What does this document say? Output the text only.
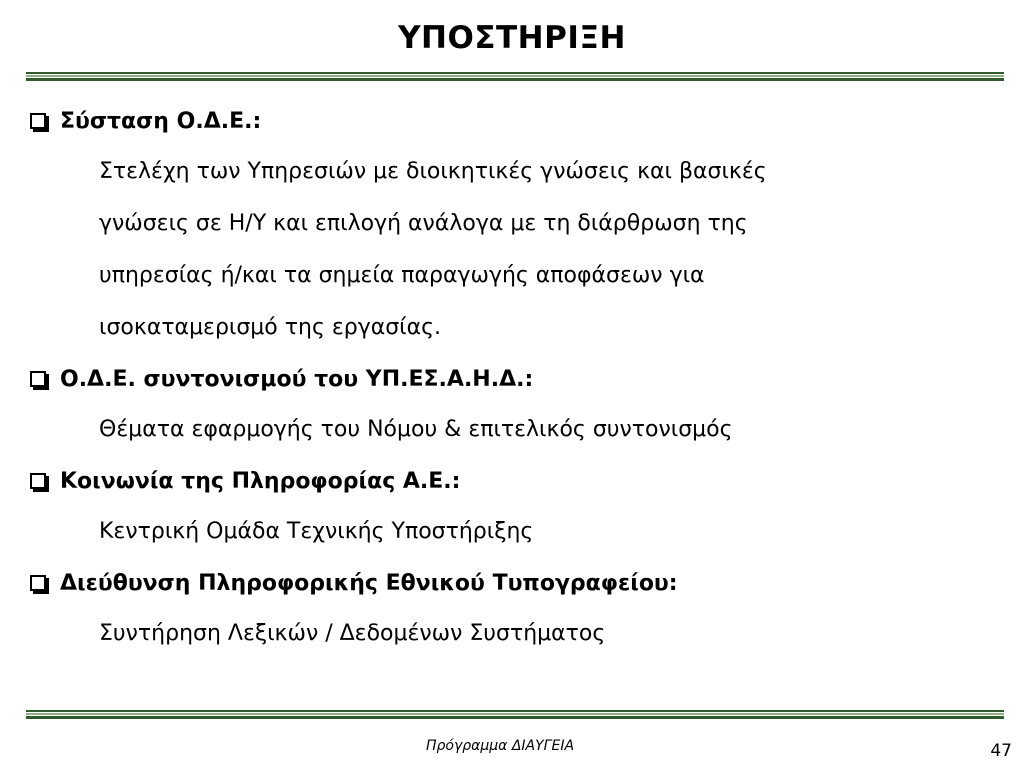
ΥΠΟΣΤΗΡΙΞΗ
Σύσταση Ο.Δ.Ε.:
Στελέχη των Υπηρεσιών με διοικητικές γνώσεις και βασικές
γνώσεις σε Η/Υ και επιλογή ανάλογα με τη διάρθρωση της
υπηρεσίας ή/και τα σημεία παραγωγής αποφάσεων για
ισοκαταμερισμό της εργασίας.
Ο.Δ.Ε. συντονισμού του ΥΠ.ΕΣ.Α.Η.Δ.:
Θέματα εφαρμογής του Νόμου & επιτελικός συντονισμός
Κοινωνία της Πληροφορίας Α.Ε.:
Κεντρική Ομάδα Τεχνικής Υποστήριξης
Διεύθυνση Πληροφορικής Εθνικού Τυπογραφείου:
Συντήρηση Λεξικών / Δεδομένων Συστήματος
Πρόγραμμα ΔΙΑΥΓΕΙΑ	47
